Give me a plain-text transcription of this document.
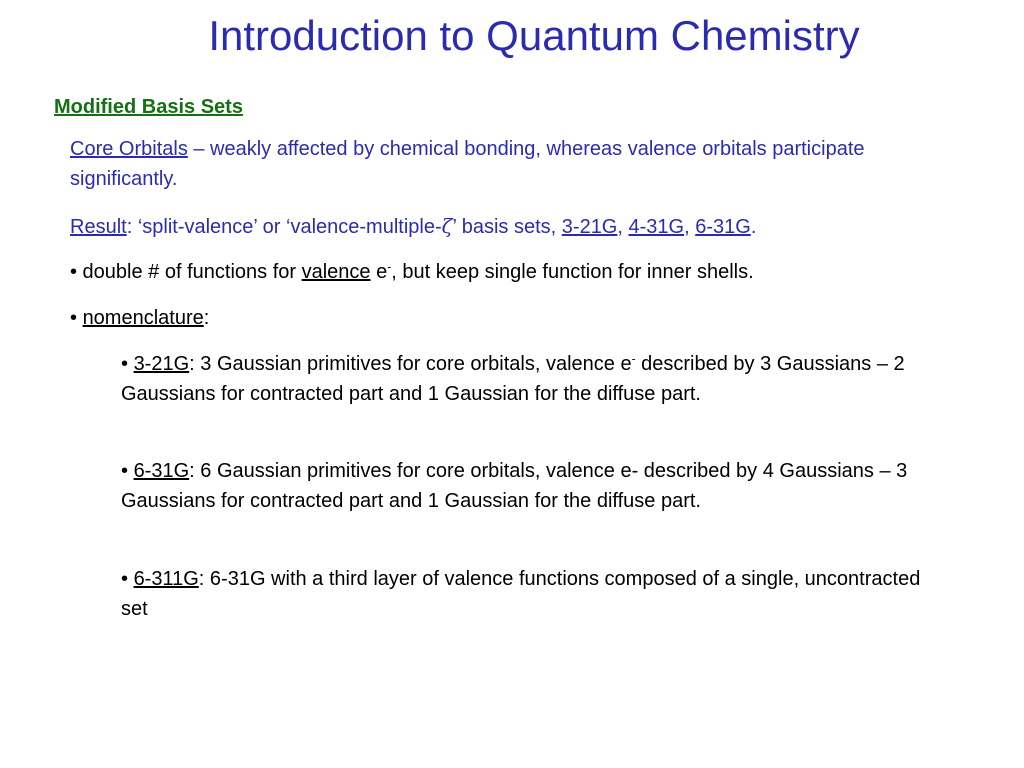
Introduction to Quantum Chemistry
Modified Basis Sets
Core Orbitals – weakly affected by chemical bonding, whereas valence orbitals participate significantly.
Result: ‘split-valence’ or ‘valence-multiple-ζ’ basis sets, 3-21G, 4-31G, 6-31G.
• double # of functions for valence e-, but keep single function for inner shells.
• nomenclature:
• 3-21G: 3 Gaussian primitives for core orbitals, valence e- described by 3 Gaussians – 2 Gaussians for contracted part and 1 Gaussian for the diffuse part.
• 6-31G: 6 Gaussian primitives for core orbitals, valence e- described by 4 Gaussians – 3 Gaussians for contracted part and 1 Gaussian for the diffuse part.
• 6-311G: 6-31G with a third layer of valence functions composed of a single, uncontracted set
